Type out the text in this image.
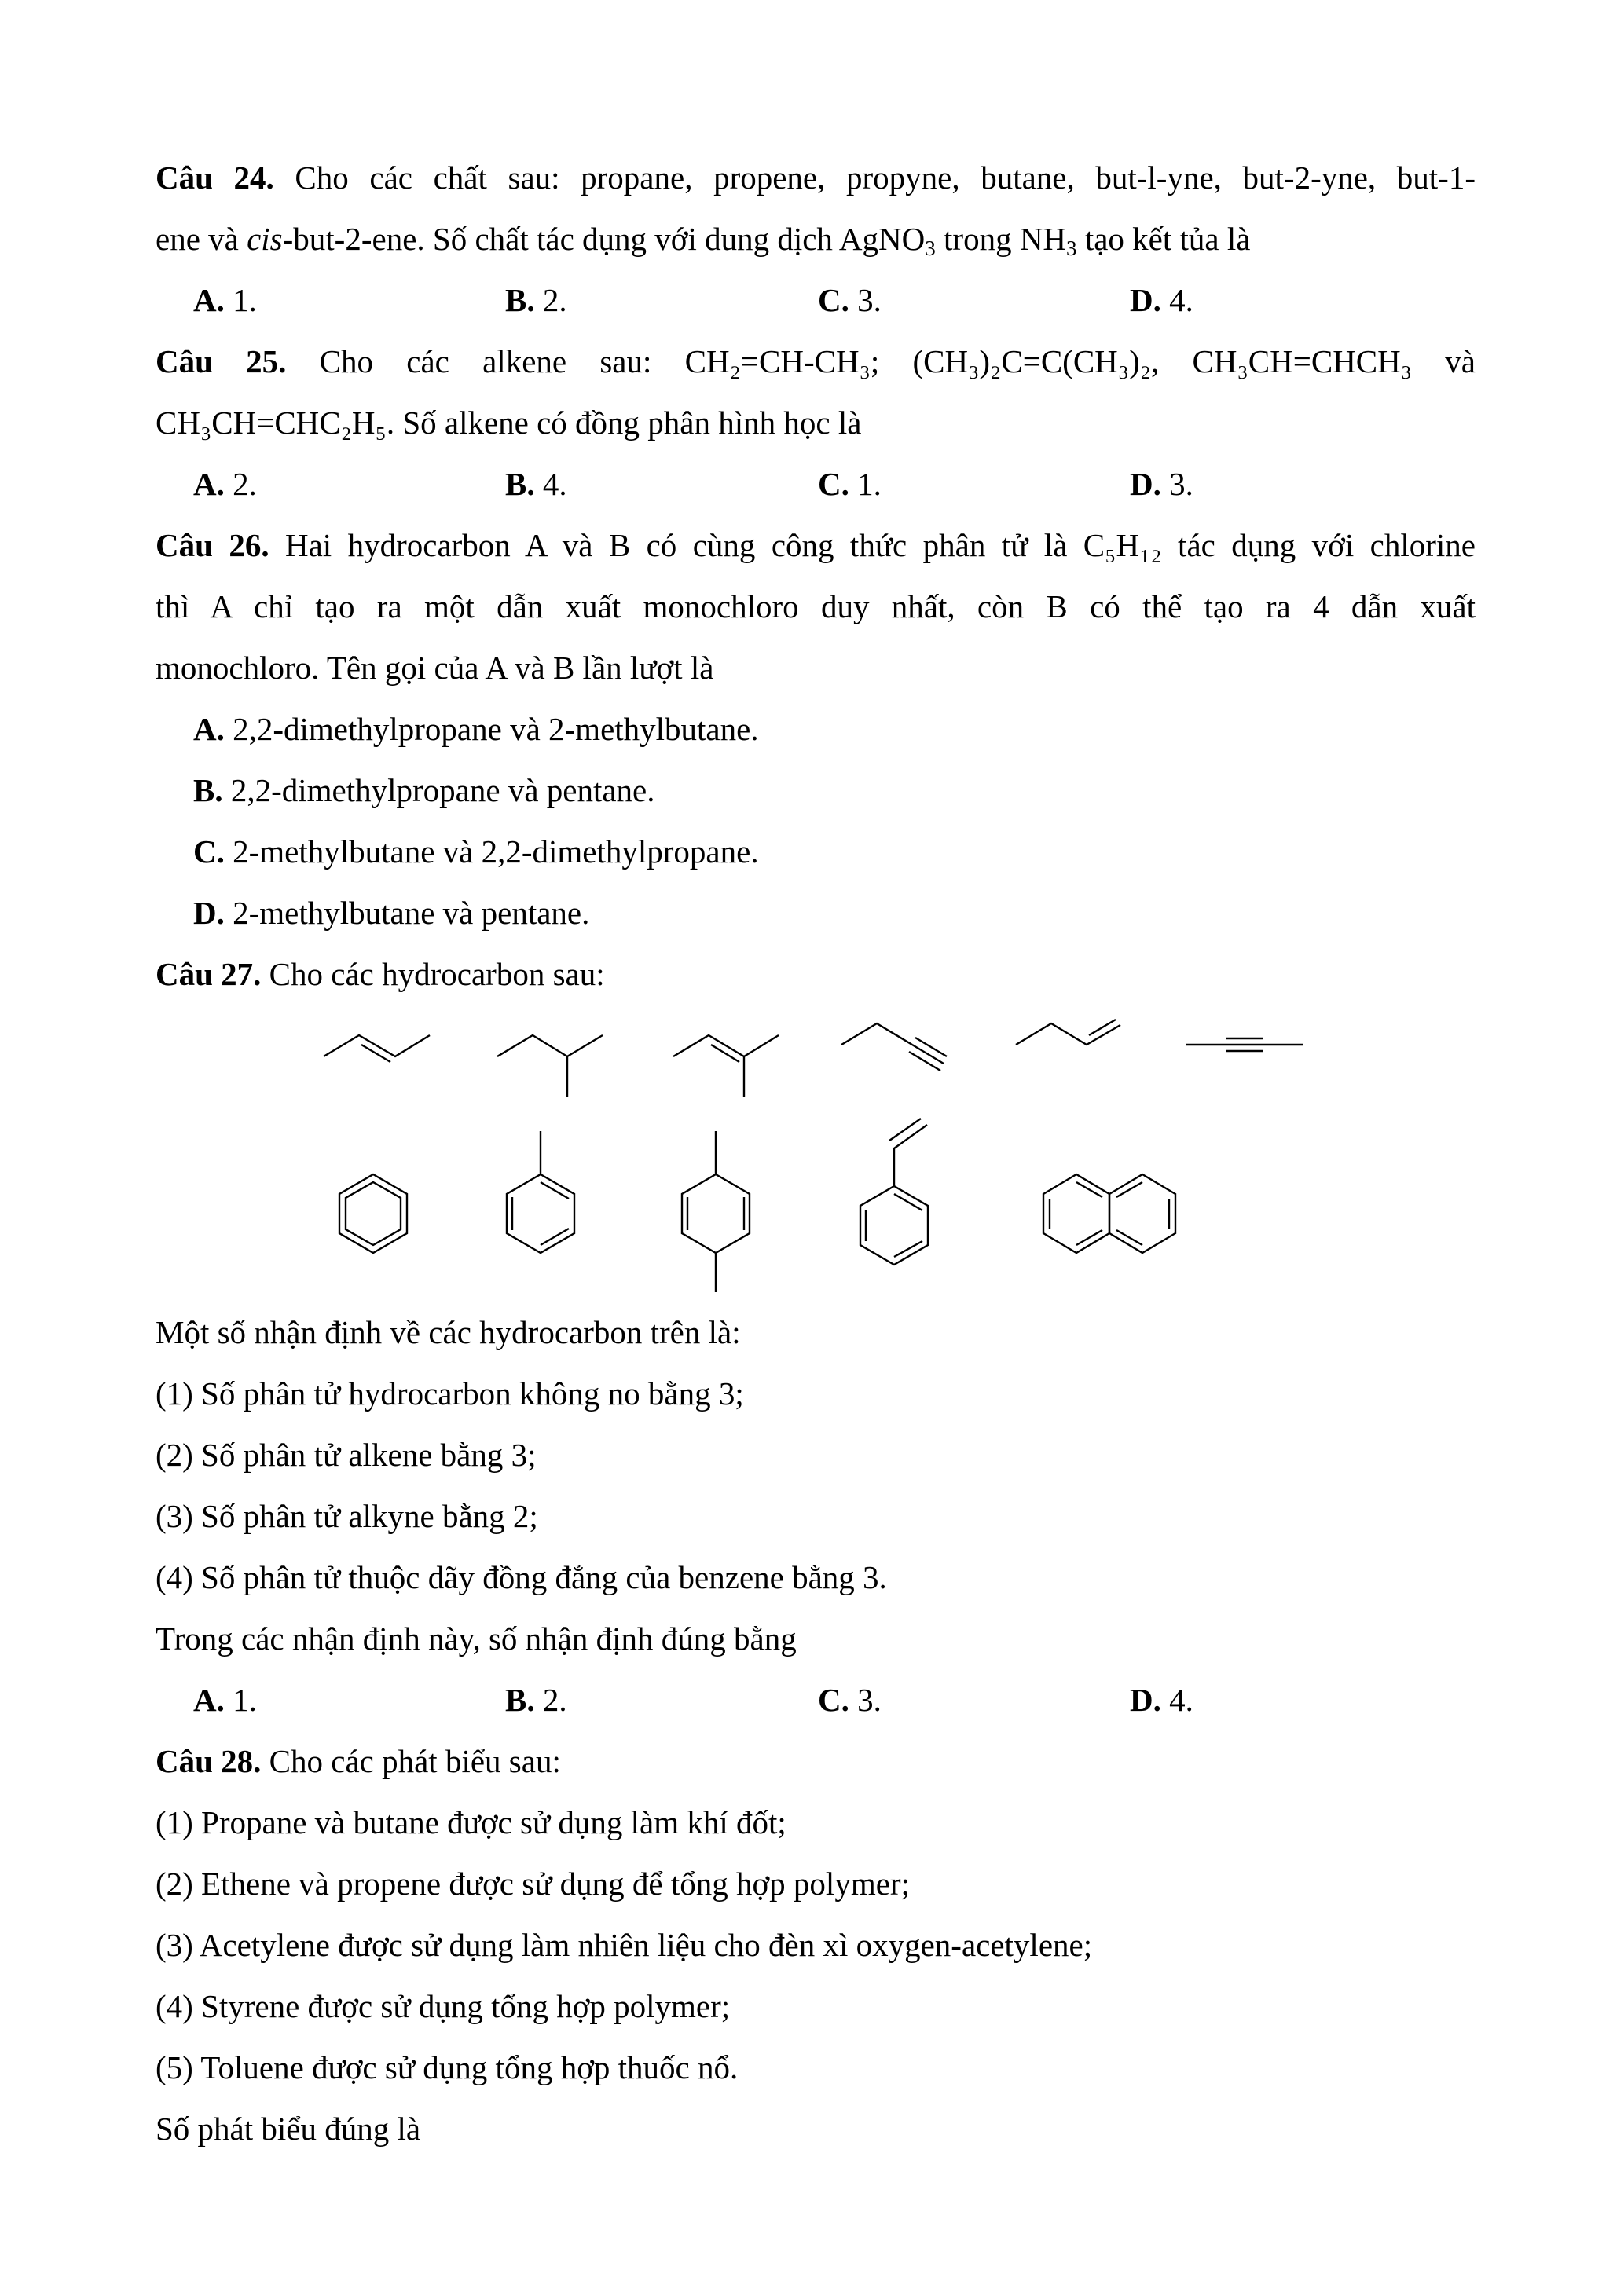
Câu 24. Cho các chất sau: propane, propene, propyne, butane, but-l-yne, but-2-yne, but-1-
ene và cis-but-2-ene. Số chất tác dụng với dung dịch AgNO$_3$ trong $NH_3$ tạo kết tủa là
A. 1.	B. 2.	C. 3.	D. 4.
Câu 25. Cho các alkene sau: CH₂=CH-CH₃; (CH₃)₂C=C(CH₃)₂, CH₃CH=CHCH₃ và
CH₃CH=CHC₂H₅. Số alkene có đồng phân hình học là
A. 2.	B. 4.	C. 1.	D. 3.
Câu 26. Hai hydrocarbon A và B có cùng công thức phân tử là C₅H₁₂ tác dụng với chlorine
thì A chỉ tạo ra một dẫn xuất monochloro duy nhất, còn B có thể tạo ra 4 dẫn xuất
monochloro. Tên gọi của A và B lần lượt là
A. 2,2-dimethylpropane và 2-methylbutane.
B. 2,2-dimethylpropane và pentane.
C. 2-methylbutane và 2,2-dimethylpropane.
D. 2-methylbutane và pentane.
Câu 27. Cho các hydrocarbon sau:
Một số nhận định về các hydrocarbon trên là:
(1) Số phân tử hydrocarbon không no bằng 3;
(2) Số phân tử alkene bằng 3;
(3) Số phân tử alkyne bằng 2;
(4) Số phân tử thuộc dãy đồng đẳng của benzene bằng 3.
Trong các nhận định này, số nhận định đúng bằng
A. 1.	B. 2.	C. 3.	D. 4.
Câu 28. Cho các phát biểu sau:
(1) Propane và butane được sử dụng làm khí đốt;
(2) Ethene và propene được sử dụng để tổng hợp polymer;
(3) Acetylene được sử dụng làm nhiên liệu cho đèn xì oxygen-acetylene;
(4) Styrene được sử dụng tổng hợp polymer;
(5) Toluene được sử dụng tổng hợp thuốc nổ.
Số phát biểu đúng là
